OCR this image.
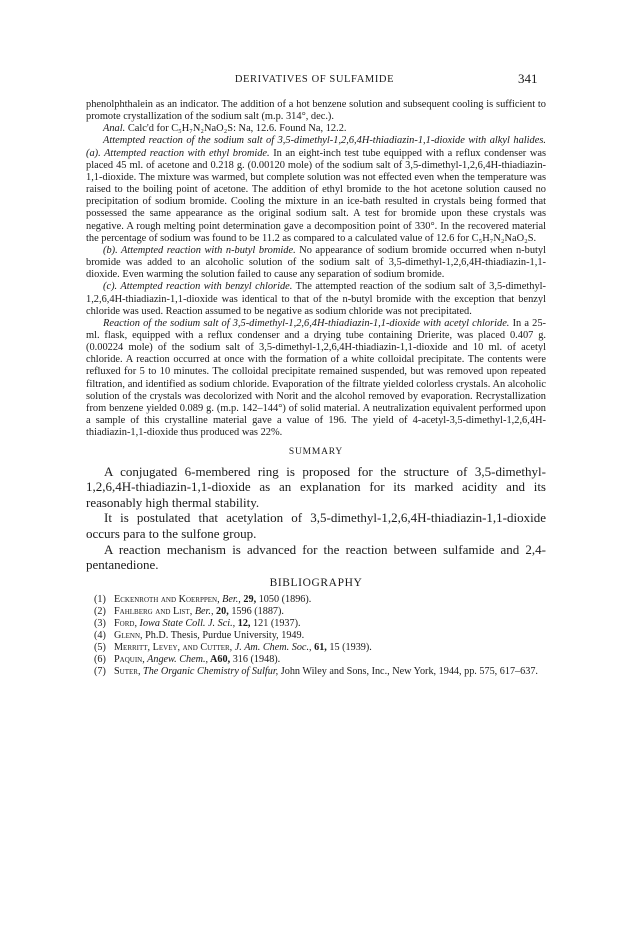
DERIVATIVES OF SULFAMIDE	341

phenolphthalein as an indicator. The addition of a hot benzene solution and subsequent cooling is sufficient to promote crystallization of the sodium salt (m.p. 314°, dec.).

Anal. Calc'd for C₅H₇N₂NaO₂S: Na, 12.6. Found Na, 12.2.

Attempted reaction of the sodium salt of 3,5-dimethyl-1,2,6,4H-thiadiazin-1,1-dioxide with alkyl halides. (a). Attempted reaction with ethyl bromide. In an eight-inch test tube equipped with a reflux condenser was placed 45 ml. of acetone and 0.218 g. (0.00120 mole) of the sodium salt of 3,5-dimethyl-1,2,6,4H-thiadiazin-1,1-dioxide. The mixture was warmed, but complete solution was not effected even when the temperature was raised to the boiling point of acetone. The addition of ethyl bromide to the hot acetone solution caused no precipitation of sodium bromide. Cooling the mixture in an ice-bath resulted in crystals being formed that possessed the same appearance as the original sodium salt. A test for bromide upon these crystals was negative. A rough melting point determination gave a decomposition point of 330°. In the recovered material the percentage of sodium was found to be 11.2 as compared to a calculated value of 12.6 for C₅H₇N₂NaO₂S.

(b). Attempted reaction with n-butyl bromide. No appearance of sodium bromide occurred when n-butyl bromide was added to an alcoholic solution of the sodium salt of 3,5-dimethyl-1,2,6,4H-thiadiazin-1,1-dioxide. Even warming the solution failed to cause any separation of sodium bromide.

(c). Attempted reaction with benzyl chloride. The attempted reaction of the sodium salt of 3,5-dimethyl-1,2,6,4H-thiadiazin-1,1-dioxide was identical to that of the n-butyl bromide with the exception that benzyl chloride was used. Reaction assumed to be negative as sodium chloride was not precipitated.

Reaction of the sodium salt of 3,5-dimethyl-1,2,6,4H-thiadiazin-1,1-dioxide with acetyl chloride. In a 25-ml. flask, equipped with a reflux condenser and a drying tube containing Drierite, was placed 0.407 g. (0.00224 mole) of the sodium salt of 3,5-dimethyl-1,2,6,4H-thiadiazin-1,1-dioxide and 10 ml. of acetyl chloride. A reaction occurred at once with the formation of a white colloidal precipitate. The contents were refluxed for 5 to 10 minutes. The colloidal precipitate remained suspended, but was removed upon repeated filtration, and identified as sodium chloride. Evaporation of the filtrate yielded colorless crystals. An alcoholic solution of the crystals was decolorized with Norit and the alcohol removed by evaporation. Recrystallization from benzene yielded 0.089 g. (m.p. 142–144°) of solid material. A neutralization equivalent performed upon a sample of this crystalline material gave a value of 196. The yield of 4-acetyl-3,5-dimethyl-1,2,6,4H-thiadiazin-1,1-dioxide thus produced was 22%.

SUMMARY

A conjugated 6-membered ring is proposed for the structure of 3,5-dimethyl-1,2,6,4H-thiadiazin-1,1-dioxide as an explanation for its marked acidity and its reasonably high thermal stability.

It is postulated that acetylation of 3,5-dimethyl-1,2,6,4H-thiadiazin-1,1-dioxide occurs para to the sulfone group.

A reaction mechanism is advanced for the reaction between sulfamide and 2,4-pentanedione.

BIBLIOGRAPHY
(1) Eckenroth and Koerppen, Ber., 29, 1050 (1896).
(2) Fahlberg and List, Ber., 20, 1596 (1887).
(3) Ford, Iowa State Coll. J. Sci., 12, 121 (1937).
(4) Glenn, Ph.D. Thesis, Purdue University, 1949.
(5) Merritt, Levey, and Cutter, J. Am. Chem. Soc., 61, 15 (1939).
(6) Paquin, Angew. Chem., A60, 316 (1948).
(7) Suter, The Organic Chemistry of Sulfur, John Wiley and Sons, Inc., New York, 1944, pp. 575, 617–637.
